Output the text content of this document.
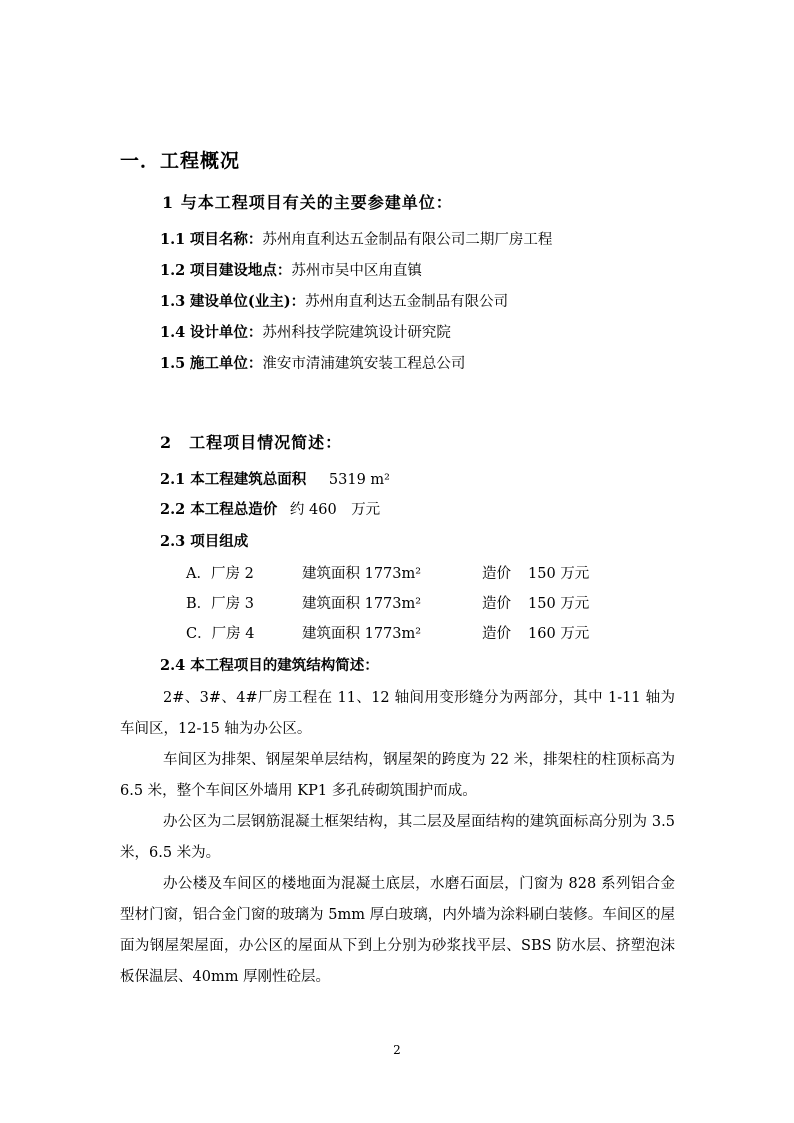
一．工程概况
1 与本工程项目有关的主要参建单位：
1.1 项目名称：苏州甪直利达五金制品有限公司二期厂房工程
1.2 项目建设地点：苏州市吴中区甪直镇
1.3 建设单位(业主)：苏州甪直利达五金制品有限公司
1.4 设计单位：苏州科技学院建筑设计研究院
1.5 施工单位：淮安市清浦建筑安装工程总公司
2　工程项目情况简述：
2.1 本工程建筑总面积 5319 m²
2.2 本工程总造价 约 460　万元
2.3 项目组成
A．厂房 2	建筑面积 1773m²	造价 150 万元
B．厂房 3	建筑面积 1773m²	造价 150 万元
C．厂房 4	建筑面积 1773m²	造价 160 万元
2.4 本工程项目的建筑结构简述：

2#、3#、4#厂房工程在 11、12 轴间用变形缝分为两部分，其中 1-11 轴为车间区，12-15 轴为办公区。

车间区为排架、钢屋架单层结构，钢屋架的跨度为 22 米，排架柱的柱顶标高为 6.5 米，整个车间区外墙用 KP1 多孔砖砌筑围护而成。

办公区为二层钢筋混凝土框架结构，其二层及屋面结构的建筑面标高分别为 3.5 米，6.5 米为。

办公楼及车间区的楼地面为混凝土底层，水磨石面层，门窗为 828 系列铝合金型材门窗，铝合金门窗的玻璃为 5mm 厚白玻璃，内外墙为涂料刷白装修。车间区的屋面为钢屋架屋面，办公区的屋面从下到上分别为砂浆找平层、SBS 防水层、挤塑泡沫板保温层、40mm 厚刚性砼层。

2
